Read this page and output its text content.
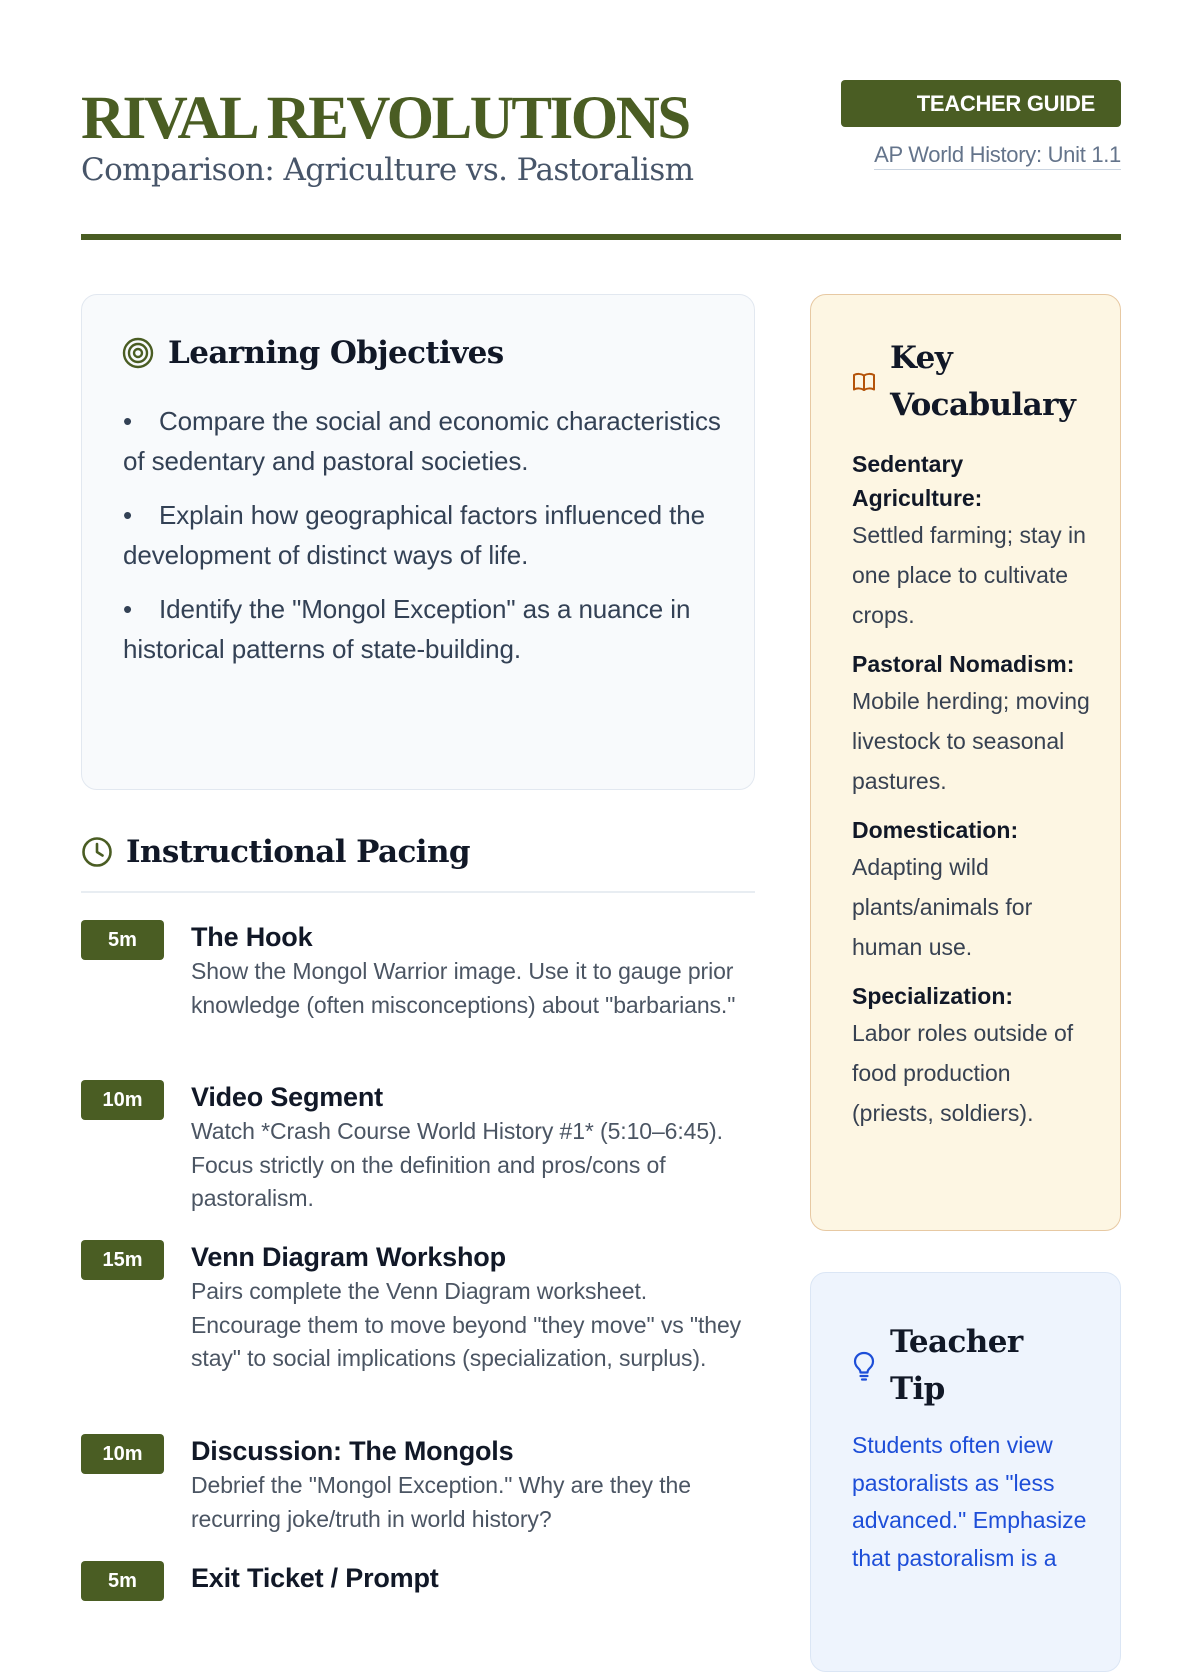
RIVAL REVOLUTIONS
Comparison: Agriculture vs. Pastoralism
TEACHER GUIDE
AP World History: Unit 1.1
Learning Objectives
• Compare the social and economic characteristics of sedentary and pastoral societies.
• Explain how geographical factors influenced the development of distinct ways of life.
• Identify the "Mongol Exception" as a nuance in historical patterns of state-building.
Instructional Pacing
5m	The Hook
Show the Mongol Warrior image. Use it to gauge prior knowledge (often misconceptions) about "barbarians."
10m	Video Segment
Watch *Crash Course World History #1* (5:10–6:45). Focus strictly on the definition and pros/cons of pastoralism.
15m	Venn Diagram Workshop
Pairs complete the Venn Diagram worksheet. Encourage them to move beyond "they move" vs "they stay" to social implications (specialization, surplus).
10m	Discussion: The Mongols
Debrief the "Mongol Exception." Why are they the recurring joke/truth in world history?
5m	Exit Ticket / Prompt
Key
Vocabulary
Sedentary Agriculture:
Settled farming; stay in one place to cultivate crops.
Pastoral Nomadism:
Mobile herding; moving livestock to seasonal pastures.
Domestication:
Adapting wild plants/animals for human use.
Specialization:
Labor roles outside of food production (priests, soldiers).
Teacher
Tip
Students often view pastoralists as "less advanced." Emphasize that pastoralism is a
